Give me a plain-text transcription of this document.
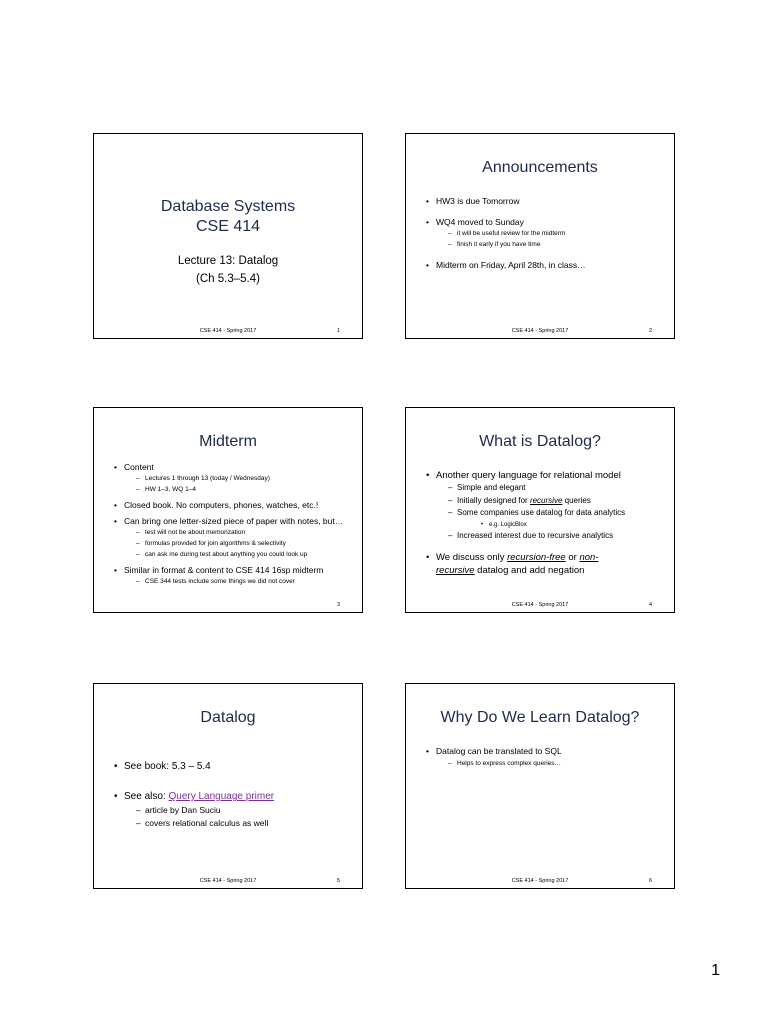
Database Systems
CSE 414
Lecture 13: Datalog
(Ch 5.3–5.4)
CSE 414 - Spring 2017	1
Announcements
• HW3 is due Tomorrow
• WQ4 moved to Sunday
– it will be useful review for the midterm
– finish it early if you have time
• Midterm on Friday, April 28th, in class…
CSE 414 - Spring 2017	2
Midterm
• Content
– Lectures 1 through 13 (today / Wednesday)
– HW 1–3, WQ 1–4
• Closed book. No computers, phones, watches, etc.!
• Can bring one letter-sized piece of paper with notes, but…
– test will not be about memorization
– formulas provided for join algorithms & selectivity
– can ask me during test about anything you could look up
• Similar in format & content to CSE 414 16sp midterm
– CSE 344 tests include some things we did not cover
3
What is Datalog?
• Another query language for relational model
– Simple and elegant
– Initially designed for recursive queries
– Some companies use datalog for data analytics
• e.g. LogicBlox
– Increased interest due to recursive analytics
• We discuss only recursion-free or non-
recursive datalog and add negation
CSE 414 - Spring 2017	4
Datalog
• See book: 5.3 – 5.4
• See also: Query Language primer
– article by Dan Suciu
– covers relational calculus as well
CSE 414 - Spring 2017	5
Why Do We Learn Datalog?
• Datalog can be translated to SQL
– Helps to express complex queries…
CSE 414 - Spring 2017	6
1
